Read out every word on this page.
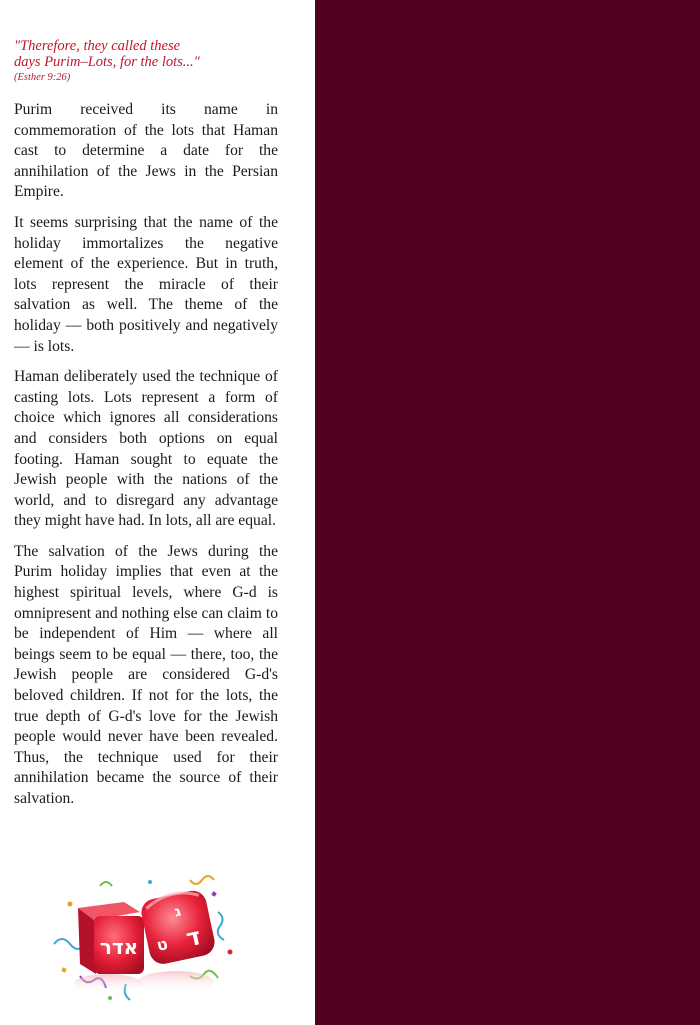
"Therefore, they called these
days Purim–Lots, for the lots..."
(Esther 9:26)

Purim received its name in commemoration of the lots that Haman cast to determine a date for the annihilation of the Jews in the Persian Empire.

It seems surprising that the name of the holiday immortalizes the negative element of the experience. But in truth, lots represent the miracle of their salvation as well. The theme of the holiday — both positively and negatively — is lots.

Haman deliberately used the technique of casting lots. Lots represent a form of choice which ignores all considerations and considers both options on equal footing. Haman sought to equate the Jewish people with the nations of the world, and to disregard any advantage they might have had. In lots, all are equal.

The salvation of the Jews during the Purim holiday implies that even at the highest spiritual levels, where G-d is omnipresent and nothing else can claim to be independent of Him — where all beings seem to be equal — there, too, the Jewish people are considered G-d's beloved children. If not for the lots, the true depth of G-d's love for the Jewish people would never have been revealed. Thus, the technique used for their annihilation became the source of their salvation.

אדר
ג
ד
ט
